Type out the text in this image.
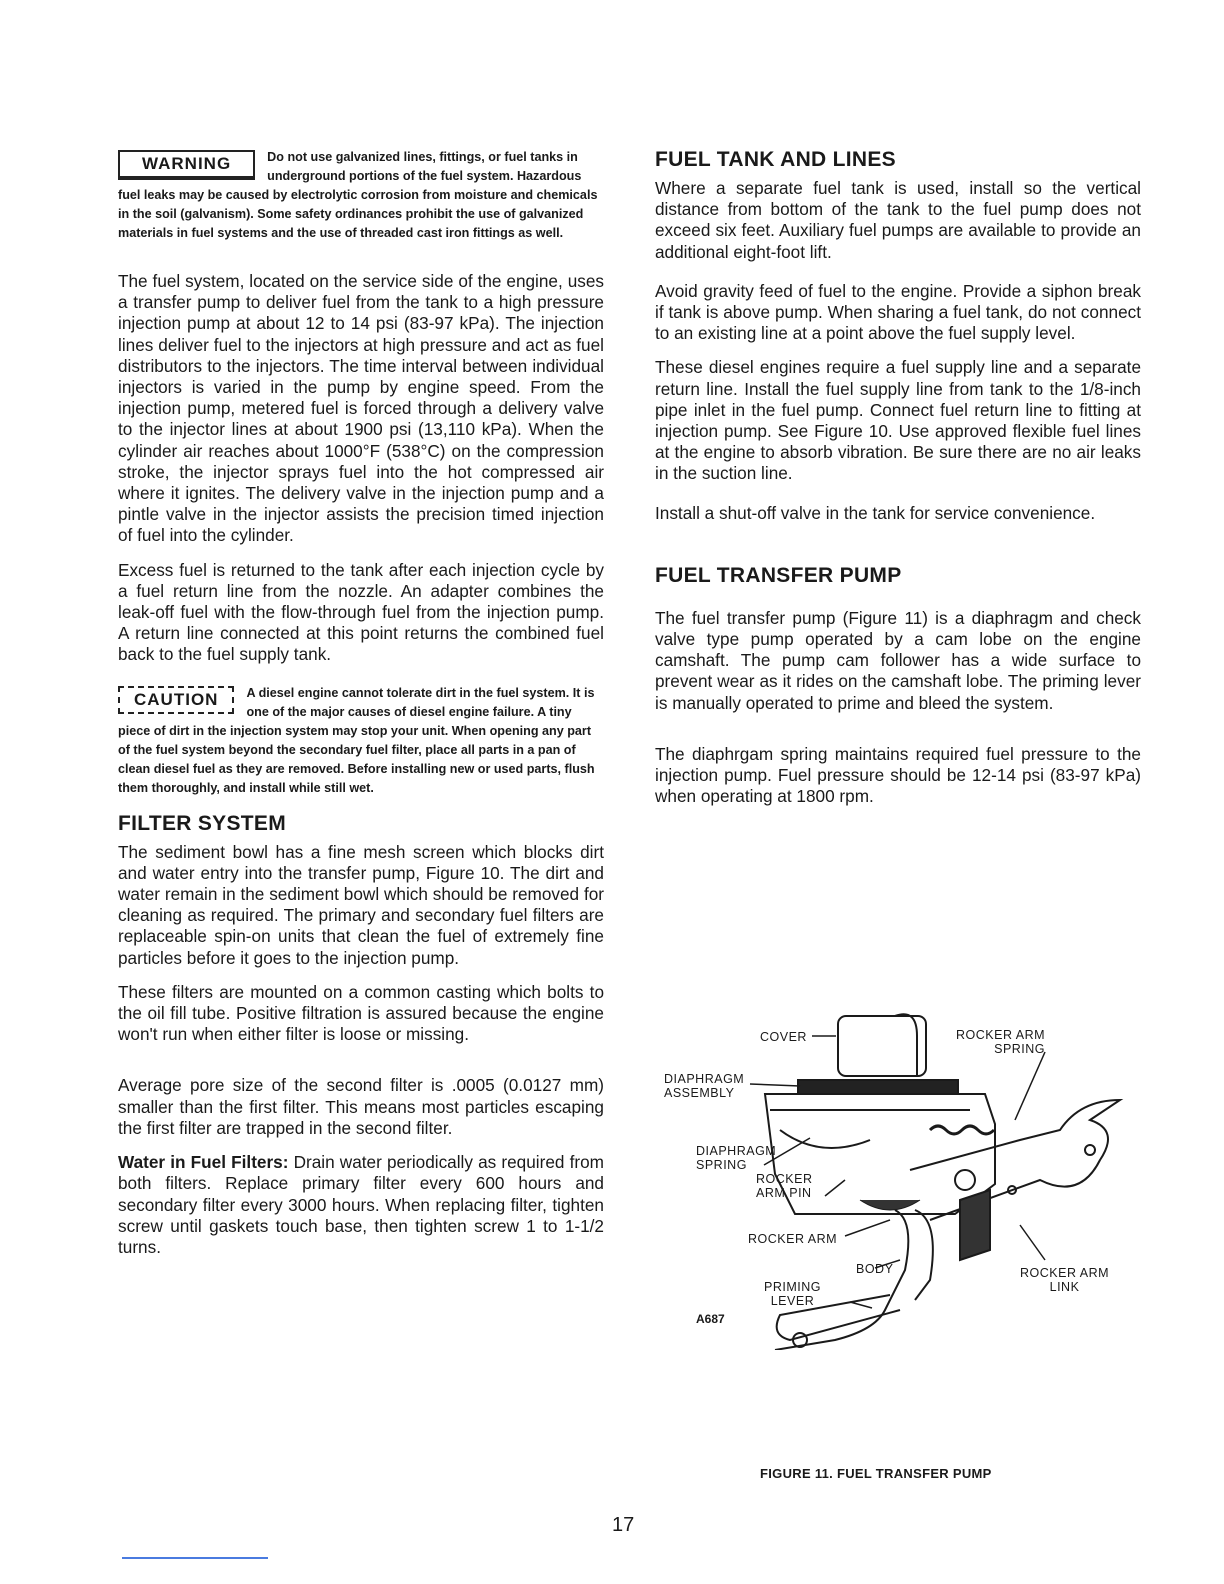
WARNING	Do not use galvanized lines, fittings, or fuel tanks in underground portions of the fuel system. Hazardous fuel leaks may be caused by electrolytic corrosion from moisture and chemicals in the soil (galvanism). Some safety ordinances prohibit the use of galvanized materials in fuel systems and the use of threaded cast iron fittings as well.

The fuel system, located on the service side of the engine, uses a transfer pump to deliver fuel from the tank to a high pressure injection pump at about 12 to 14 psi (83-97 kPa). The injection lines deliver fuel to the injectors at high pressure and act as fuel distributors to the injectors. The time interval between individual injectors is varied in the pump by engine speed. From the injection pump, metered fuel is forced through a delivery valve to the injector lines at about 1900 psi (13,110 kPa). When the cylinder air reaches about 1000°F (538°C) on the compression stroke, the injector sprays fuel into the hot compressed air where it ignites. The delivery valve in the injection pump and a pintle valve in the injector assists the precision timed injection of fuel into the cylinder.

Excess fuel is returned to the tank after each injection cycle by a fuel return line from the nozzle. An adapter combines the leak-off fuel with the flow-through fuel from the injection pump. A return line connected at this point returns the combined fuel back to the fuel supply tank.

CAUTION	A diesel engine cannot tolerate dirt in the fuel system. It is one of the major causes of diesel engine failure. A tiny piece of dirt in the injection system may stop your unit. When opening any part of the fuel system beyond the secondary fuel filter, place all parts in a pan of clean diesel fuel as they are removed. Before installing new or used parts, flush them thoroughly, and install while still wet.
FILTER SYSTEM

The sediment bowl has a fine mesh screen which blocks dirt and water entry into the transfer pump, Figure 10. The dirt and water remain in the sediment bowl which should be removed for cleaning as required. The primary and secondary fuel filters are replaceable spin-on units that clean the fuel of extremely fine particles before it goes to the injection pump.

These filters are mounted on a common casting which bolts to the oil fill tube. Positive filtration is assured because the engine won't run when either filter is loose or missing.

Average pore size of the second filter is .0005 (0.0127 mm) smaller than the first filter. This means most particles escaping the first filter are trapped in the second filter.

Water in Fuel Filters: Drain water periodically as required from both filters. Replace primary filter every 600 hours and secondary filter every 3000 hours. When replacing filter, tighten screw until gaskets touch base, then tighten screw 1 to 1-1/2 turns.

FUEL TANK AND LINES

Where a separate fuel tank is used, install so the vertical distance from bottom of the tank to the fuel pump does not exceed six feet. Auxiliary fuel pumps are available to provide an additional eight-foot lift.

Avoid gravity feed of fuel to the engine. Provide a siphon break if tank is above pump. When sharing a fuel tank, do not connect to an existing line at a point above the fuel supply level.

These diesel engines require a fuel supply line and a separate return line. Install the fuel supply line from tank to the 1/8-inch pipe inlet in the fuel pump. Connect fuel return line to fitting at injection pump. See Figure 10. Use approved flexible fuel lines at the engine to absorb vibration. Be sure there are no air leaks in the suction line.

Install a shut-off valve in the tank for service convenience.

FUEL TRANSFER PUMP

The fuel transfer pump (Figure 11) is a diaphragm and check valve type pump operated by a cam lobe on the engine camshaft. The pump cam follower has a wide surface to prevent wear as it rides on the camshaft lobe. The priming lever is manually operated to prime and bleed the system.

The diaphrgam spring maintains required fuel pressure to the injection pump. Fuel pressure should be 12-14 psi (83-97 kPa) when operating at 1800 rpm.

COVER	ROCKER ARM
SPRING
DIAPHRAGM
ASSEMBLY
DIAPHRAGM
SPRING
ROCKER
ARM PIN
ROCKER ARM
BODY
PRIMING
LEVER
ROCKER ARM
LINK
A687
FIGURE 11. FUEL TRANSFER PUMP
17
